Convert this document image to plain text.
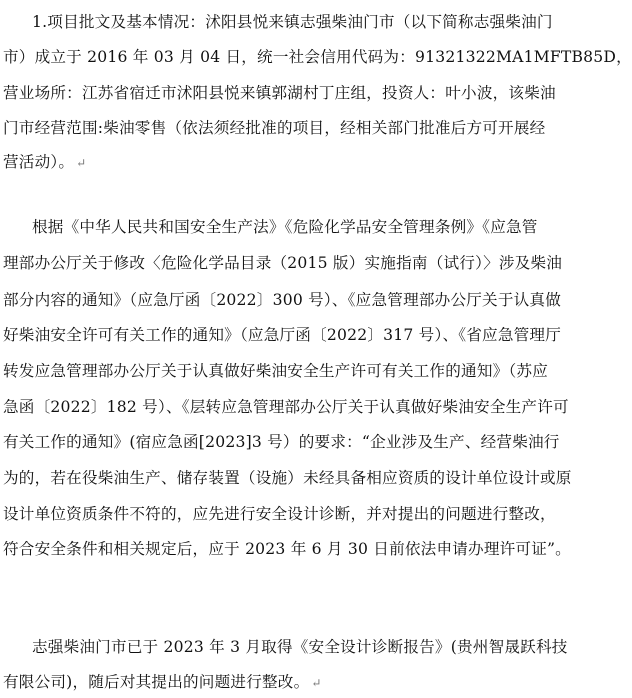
1.项目批文及基本情况：沭阳县悦来镇志强柴油门市（以下简称志强柴油门
市）成立于 2016 年 03 月 04 日，统一社会信用代码为：91321322MA1MFTB85D，
营业场所：江苏省宿迁市沭阳县悦来镇郭湖村丁庄组，投资人：叶小波，该柴油
门市经营范围:柴油零售（依法须经批准的项目，经相关部门批准后方可开展经
营活动）。 ↵
根据《中华人民共和国安全生产法》《危险化学品安全管理条例》《应急管
理部办公厅关于修改〈危险化学品目录（2015 版）实施指南（试行）〉涉及柴油
部分内容的通知》（应急厅函〔2022〕300 号）、《应急管理部办公厅关于认真做
好柴油安全许可有关工作的通知》（应急厅函〔2022〕317 号）、《省应急管理厅
转发应急管理部办公厅关于认真做好柴油安全生产许可有关工作的通知》（苏应
急函〔2022〕182 号）、《层转应急管理部办公厅关于认真做好柴油安全生产许可
有关工作的通知》(宿应急函[2023]3 号）的要求：“企业涉及生产、经营柴油行
为的，若在役柴油生产、储存装置（设施）未经具备相应资质的设计单位设计或原
设计单位资质条件不符的，应先进行安全设计诊断，并对提出的问题进行整改，
符合安全条件和相关规定后，应于 2023 年 6 月 30 日前依法申请办理许可证”。
志强柴油门市已于 2023 年 3 月取得《安全设计诊断报告》(贵州智晟跃科技
有限公司)，随后对其提出的问题进行整改。 ↵
